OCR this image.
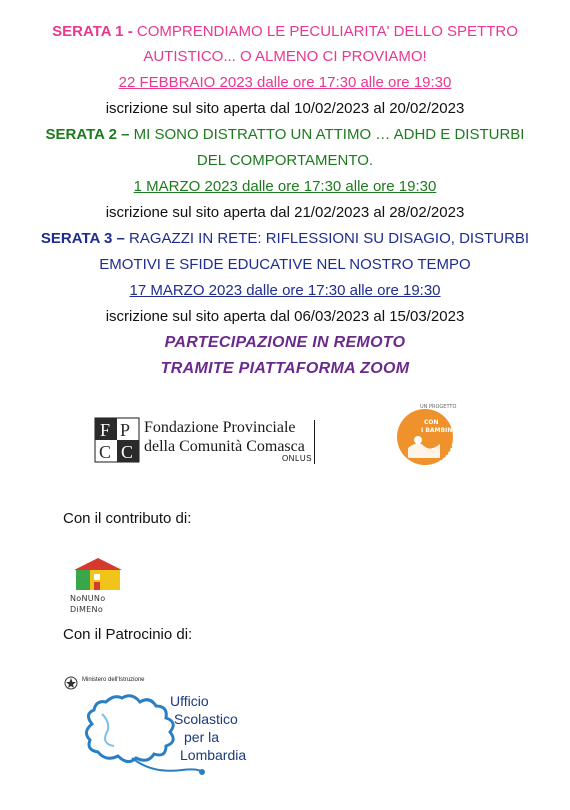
SERATA 1 - COMPRENDIAMO LE PECULIARITA' DELLO SPETTRO
AUTISTICO... O ALMENO CI PROVIAMO!
22 FEBBRAIO 2023 dalle ore 17:30 alle ore 19:30
iscrizione sul sito aperta dal 10/02/2023 al 20/02/2023
SERATA 2 – MI SONO DISTRATTO UN ATTIMO … ADHD E DISTURBI
DEL COMPORTAMENTO.
1 MARZO 2023 dalle ore 17:30 alle ore 19:30
iscrizione sul sito aperta dal 21/02/2023 al 28/02/2023
SERATA 3 – RAGAZZI IN RETE: RIFLESSIONI SU DISAGIO, DISTURBI
EMOTIVI E SFIDE EDUCATIVE NEL NOSTRO TEMPO
17 MARZO 2023 dalle ore 17:30 alle ore 19:30
iscrizione sul sito aperta dal 06/03/2023 al 15/03/2023
PARTECIPAZIONE IN REMOTO
TRAMITE PIATTAFORMA ZOOM
F P
C C
Fondazione Provinciale
della Comunità Comasca
ONLUS
UN PROGETTO
CON
I BAMBINI
Con il contributo di:
NoNUNo
DiMENo
Con il Patrocinio di:
Ministero dell'Istruzione
Ufficio
Scolastico
per la
Lombardia
